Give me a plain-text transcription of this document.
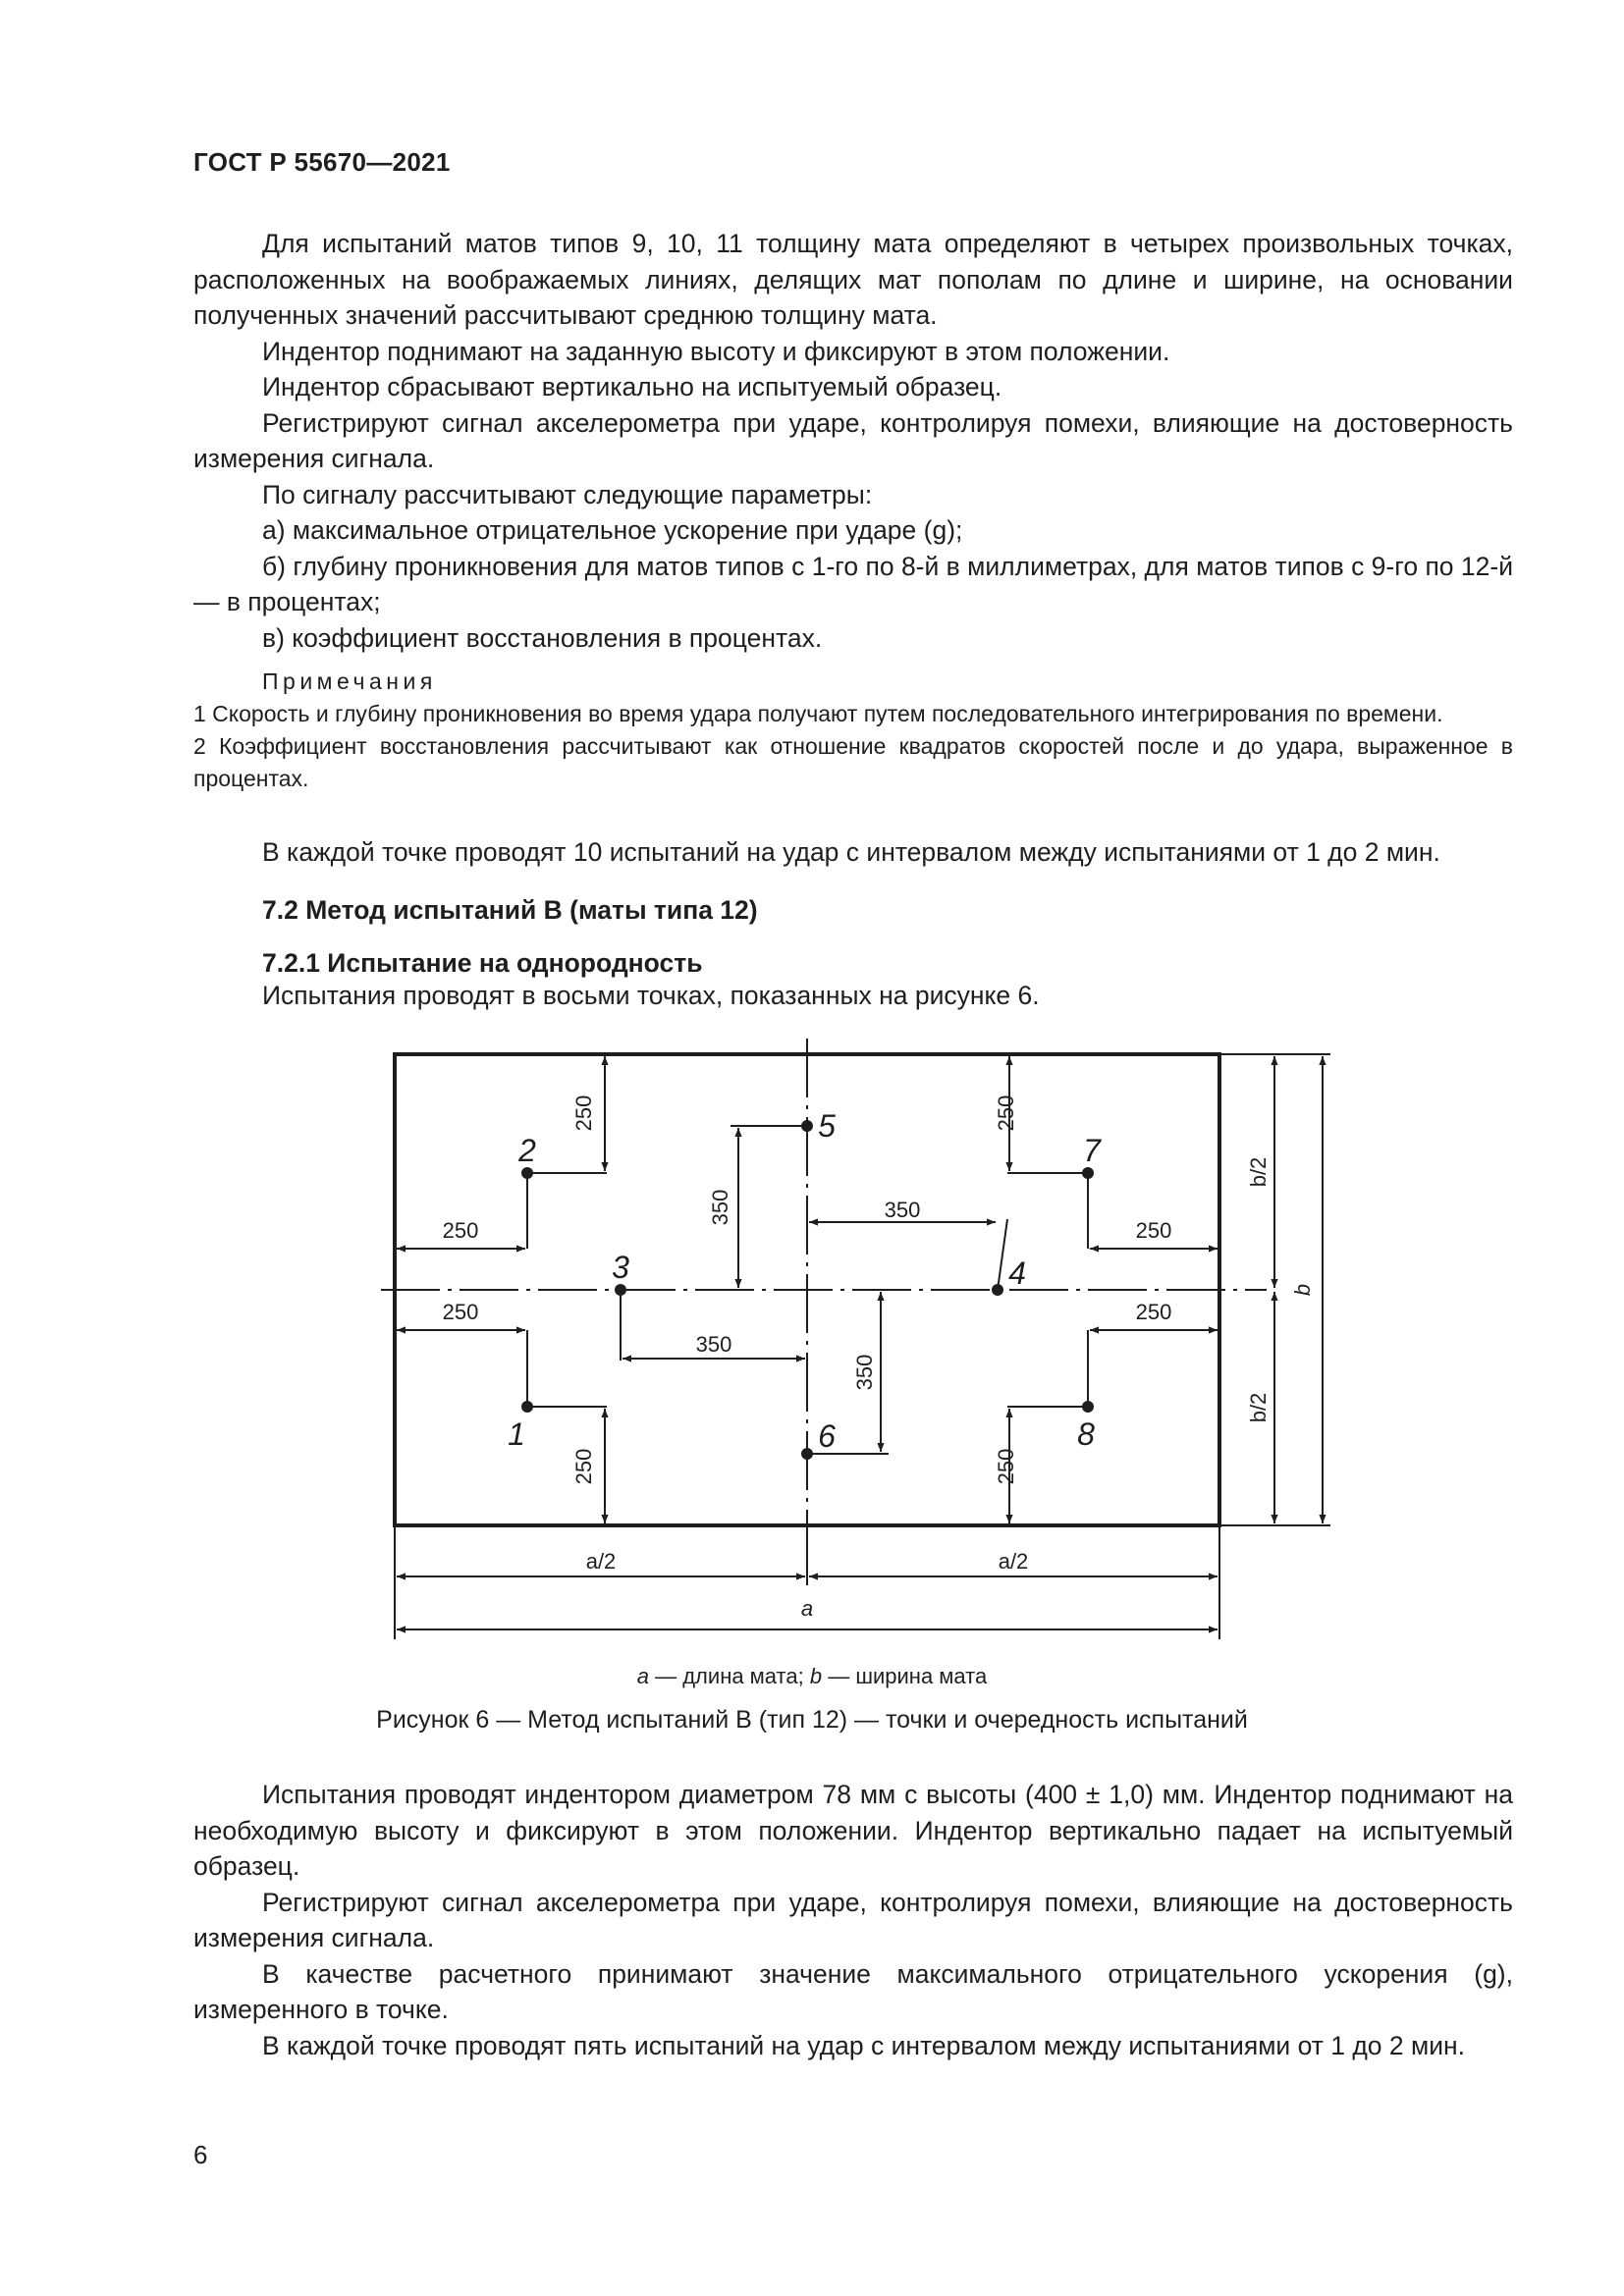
ГОСТ Р 55670—2021

Для испытаний матов типов 9, 10, 11 толщину мата определяют в четырех произвольных точках, расположенных на воображаемых линиях, делящих мат пополам по длине и ширине, на основании полученных значений рассчитывают среднюю толщину мата.

Индентор поднимают на заданную высоту и фиксируют в этом положении.

Индентор сбрасывают вертикально на испытуемый образец.

Регистрируют сигнал акселерометра при ударе, контролируя помехи, влияющие на достоверность измерения сигнала.

По сигналу рассчитывают следующие параметры:

а) максимальное отрицательное ускорение при ударе (g);

б) глубину проникновения для матов типов с 1-го по 8-й в миллиметрах, для матов типов с 9-го по 12-й — в процентах;

в) коэффициент восстановления в процентах.

Примечания

1 Скорость и глубину проникновения во время удара получают путем последовательного интегрирования по времени.

2 Коэффициент восстановления рассчитывают как отношение квадратов скоростей после и до удара, выраженное в процентах.

В каждой точке проводят 10 испытаний на удар с интервалом между испытаниями от 1 до 2 мин.

7.2 Метод испытаний В (маты типа 12)
7.2.1 Испытание на однородность

Испытания проводят в восьми точках, показанных на рисунке 6.

1
2
3	4
5
6
7
8
250
250
250
250
350
350
250
250
250
250
350
350
a/2	a/2
a
b/2
b/2
b
a — длина мата; b — ширина мата
Рисунок 6 — Метод испытаний В (тип 12) — точки и очередность испытаний

Испытания проводят индентором диаметром 78 мм с высоты (400 ± 1,0) мм. Индентор поднимают на необходимую высоту и фиксируют в этом положении. Индентор вертикально падает на испытуемый образец.

Регистрируют сигнал акселерометра при ударе, контролируя помехи, влияющие на достоверность измерения сигнала.

В качестве расчетного принимают значение максимального отрицательного ускорения (g), измеренного в точке.

В каждой точке проводят пять испытаний на удар с интервалом между испытаниями от 1 до 2 мин.

6
